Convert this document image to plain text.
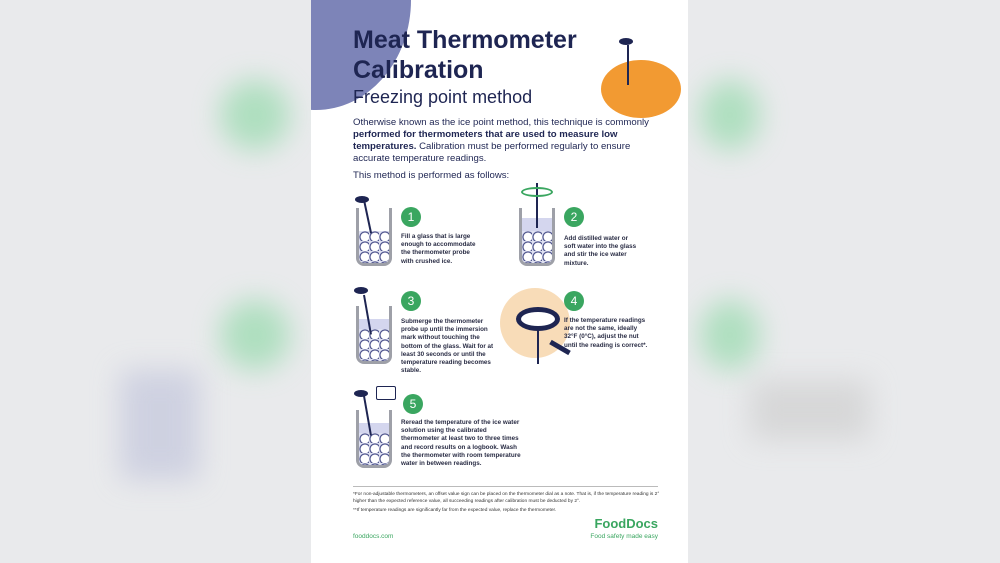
Meat Thermometer Calibration
Freezing point method
Otherwise known as the ice point method, this technique is commonly performed for thermometers that are used to measure low temperatures. Calibration must be performed regularly to ensure accurate temperature readings.
This method is performed as follows:
1
Fill a glass that is large enough to accommodate the thermometer probe with crushed ice.
2
Add distilled water or soft water into the glass and stir the ice water mixture.
3
Submerge the thermometer probe up until the immersion mark without touching the bottom of the glass. Wait for at least 30 seconds or until the temperature reading becomes stable.
4
If the temperature readings are not the same, ideally 32°F (0°C), adjust the nut until the reading is correct*.
5
Reread the temperature of the ice water solution using the calibrated thermometer at least two to three times and record results on a logbook. Wash the thermometer with room temperature water in between readings.
*For non-adjustable thermometers, an offset value sign can be placed on the thermometer dial as a note. That is, if the temperature reading is 2° higher than the expected reference value, all succeeding readings after calibration must be deducted by 2°.
**If temperature readings are significantly far from the expected value, replace the thermometer.
FoodDocs
Food safety made easy
fooddocs.com
